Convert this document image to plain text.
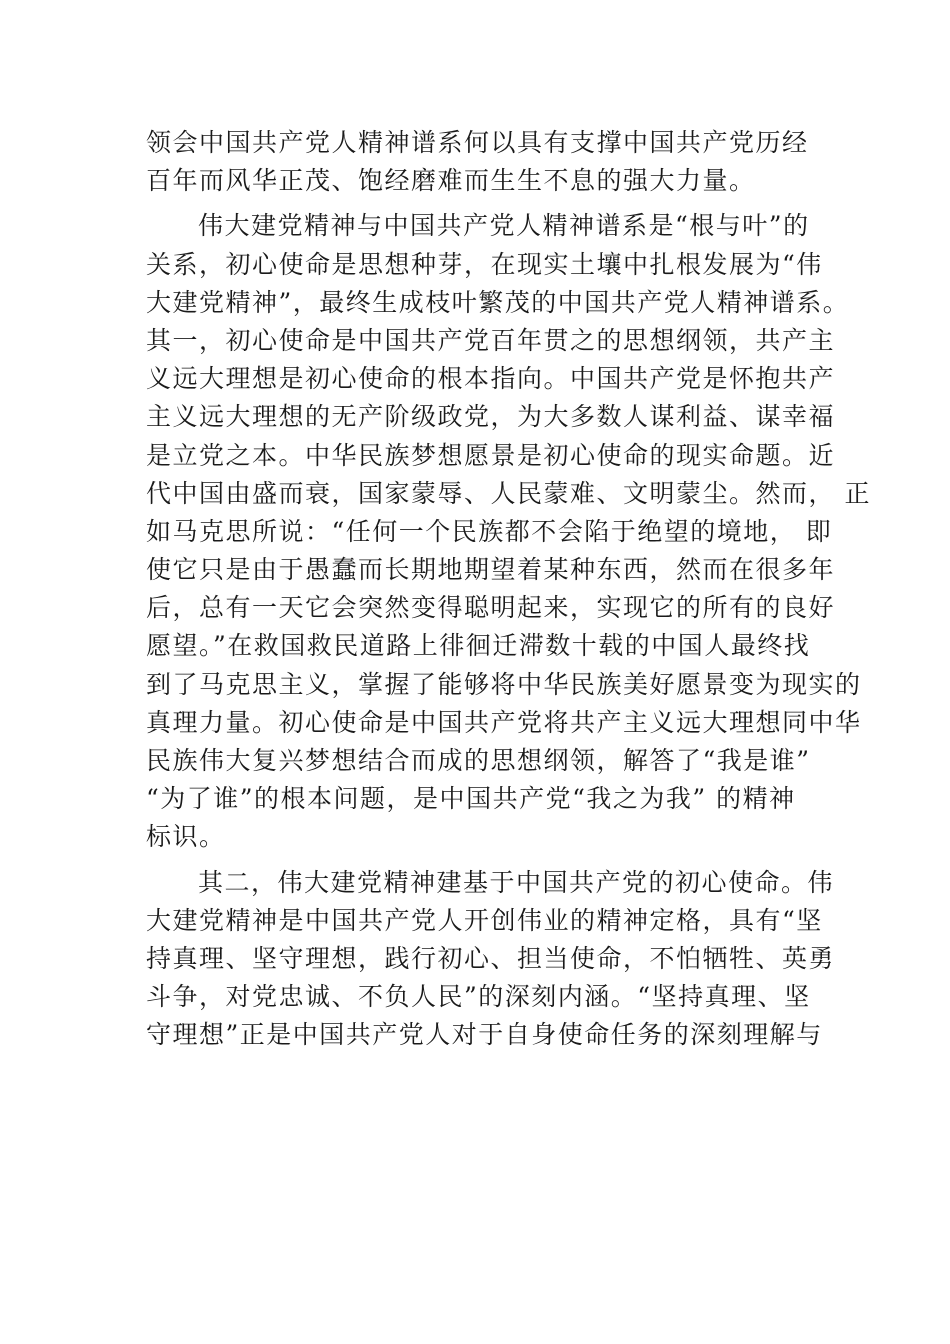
领会中国共产党人精神谱系何以具有支撑中国共产党历经
百年而风华正茂、饱经磨难而生生不息的强大力量。
伟大建党精神与中国共产党人精神谱系是“根与叶”的
关系，初心使命是思想种芽，在现实土壤中扎根发展为“伟
大建党精神”，最终生成枝叶繁茂的中国共产党人精神谱系。
其一，初心使命是中国共产党百年贯之的思想纲领，共产主
义远大理想是初心使命的根本指向。中国共产党是怀抱共产
主义远大理想的无产阶级政党，为大多数人谋利益、谋幸福
是立党之本。中华民族梦想愿景是初心使命的现实命题。近
代中国由盛而衰，国家蒙辱、人民蒙难、文明蒙尘。然而， 正
如马克思所说：“任何一个民族都不会陷于绝望的境地， 即
使它只是由于愚蠢而长期地期望着某种东西，然而在很多年
后，总有一天它会突然变得聪明起来，实现它的所有的良好
愿望。”在救国救民道路上徘徊迁滞数十载的中国人最终找
到了马克思主义，掌握了能够将中华民族美好愿景变为现实的
真理力量。初心使命是中国共产党将共产主义远大理想同中华
民族伟大复兴梦想结合而成的思想纲领，解答了“我是谁”
“为了谁”的根本问题，是中国共产党“我之为我” 的精神
标识。
其二，伟大建党精神建基于中国共产党的初心使命。伟
大建党精神是中国共产党人开创伟业的精神定格，具有“坚
持真理、坚守理想，践行初心、担当使命，不怕牺牲、英勇
斗争，对党忠诚、不负人民”的深刻内涵。“坚持真理、坚
守理想”正是中国共产党人对于自身使命任务的深刻理解与
